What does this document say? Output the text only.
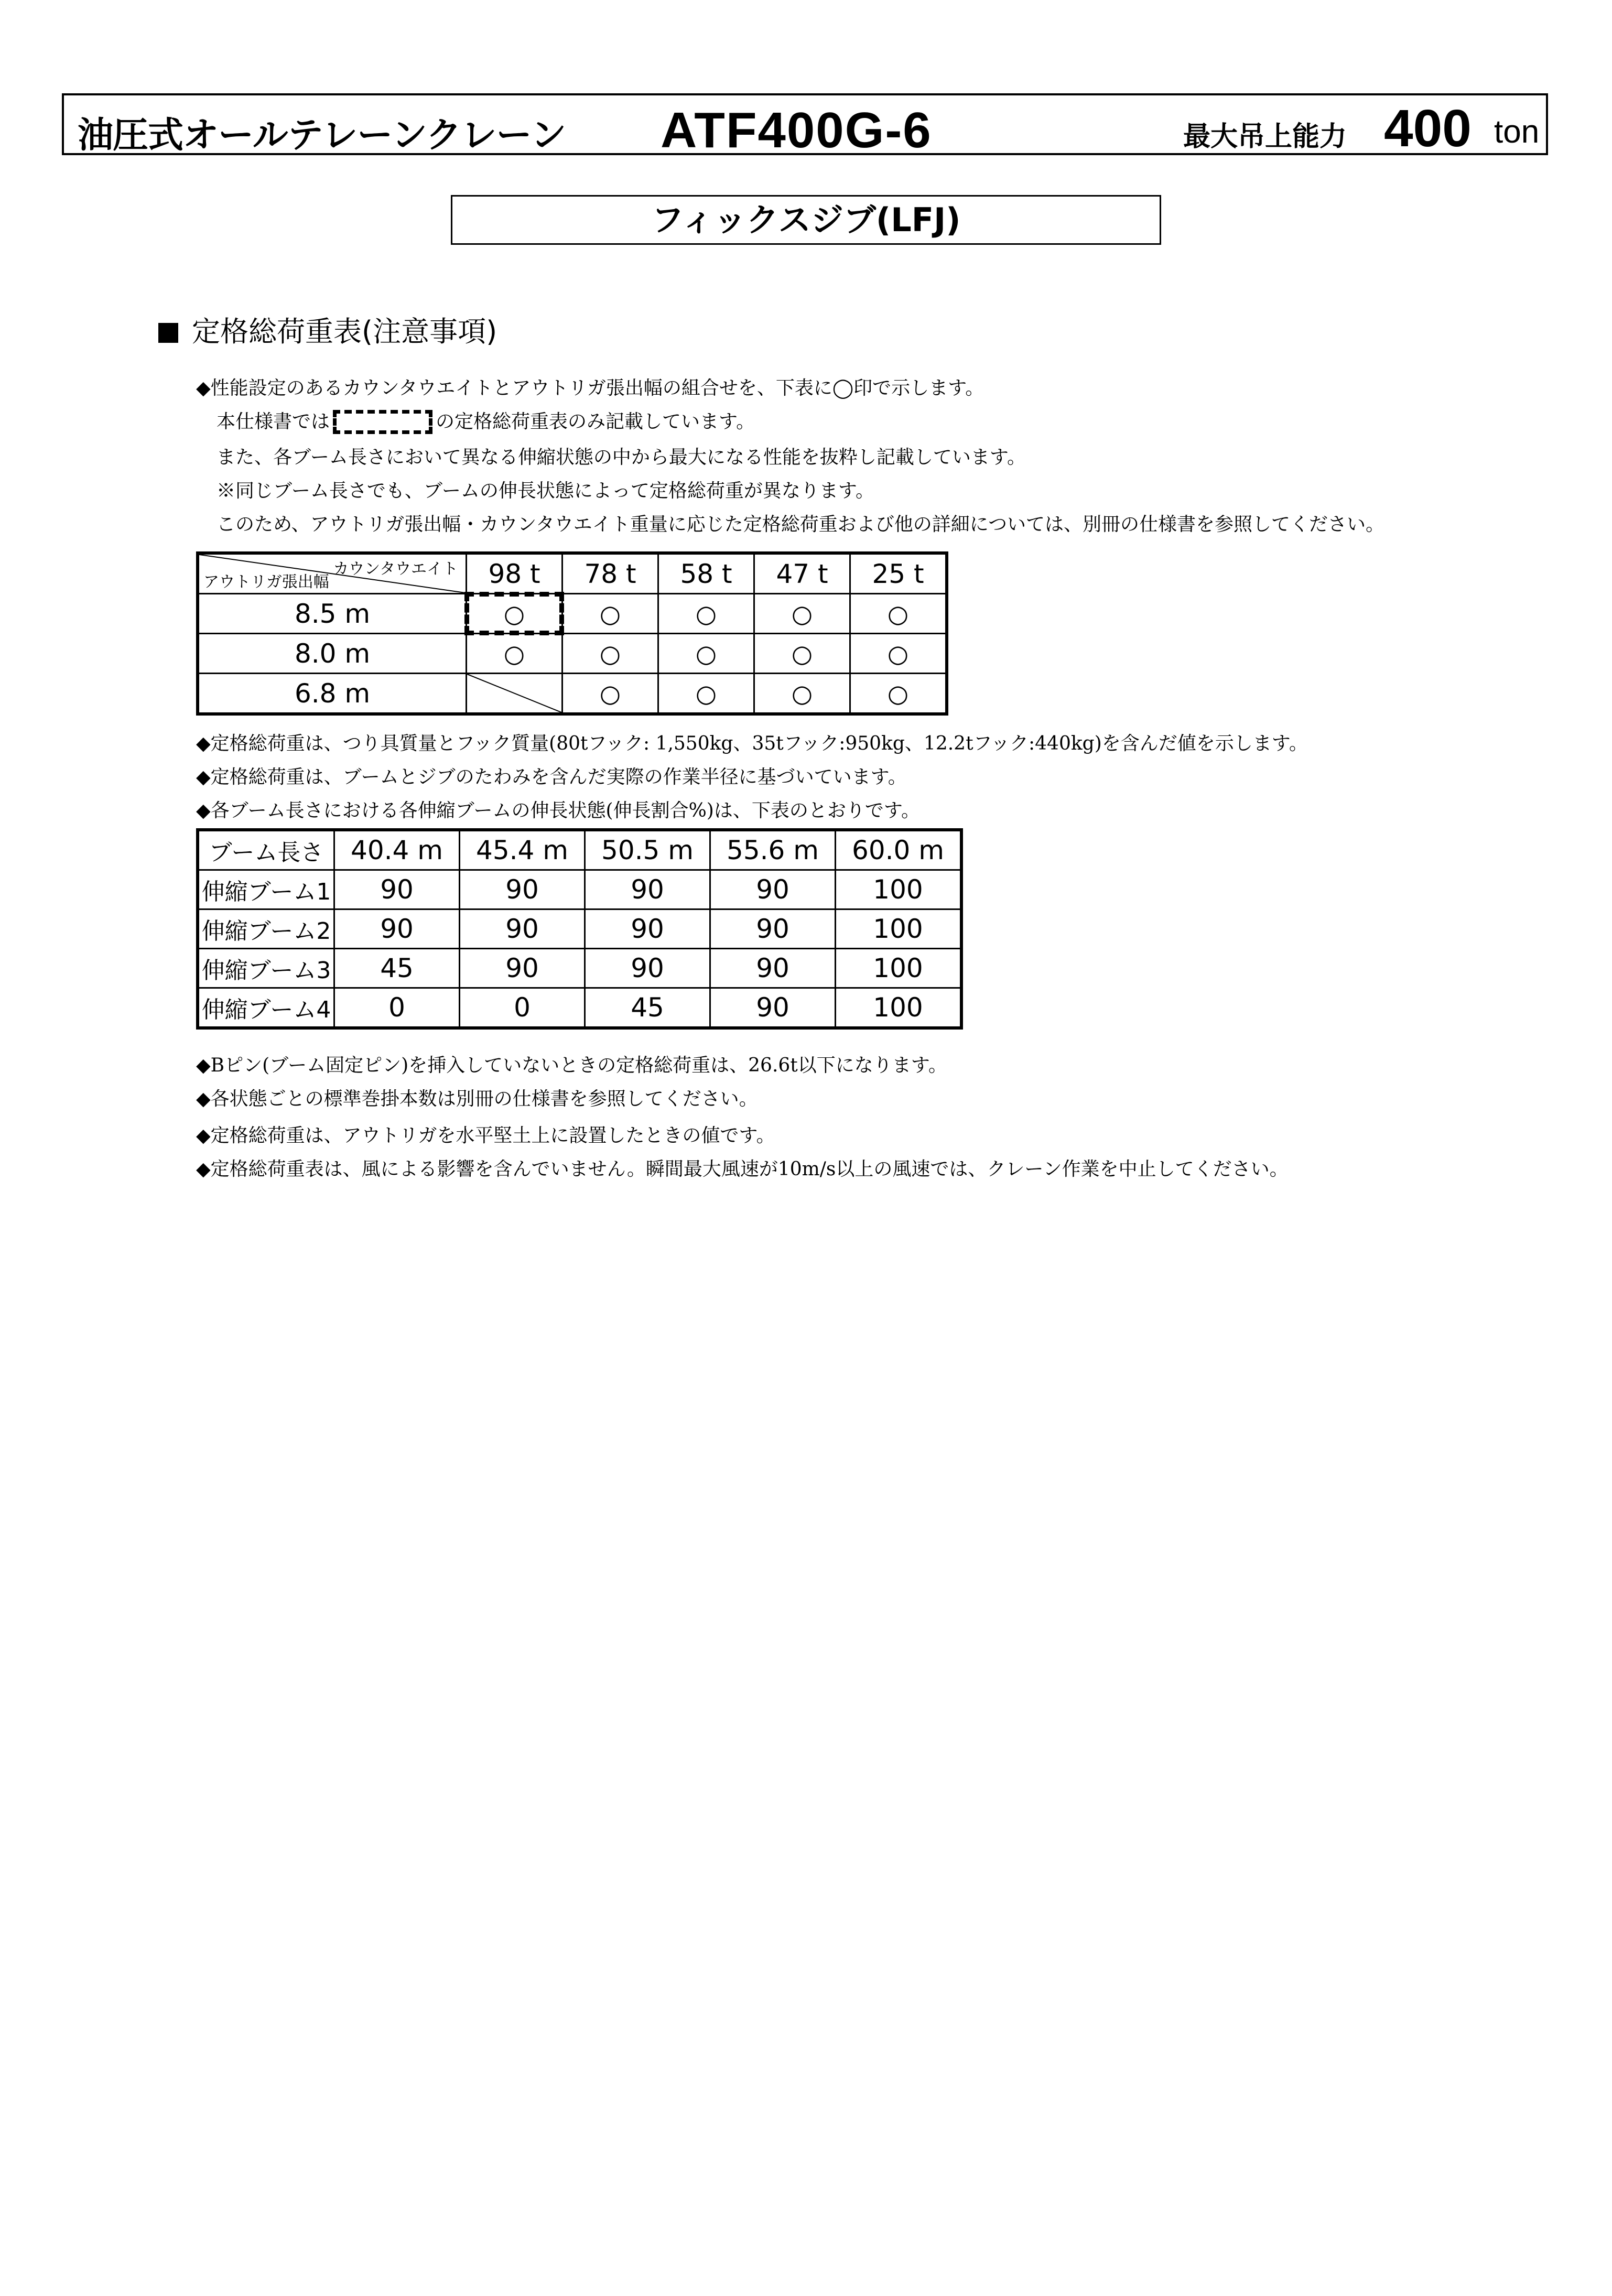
油圧式オールテレーンクレーン ATF400G-6	最大吊上能力 400 ton
フィックスジブ(LFJ)
定格総荷重表(注意事項)
◆性能設定のあるカウンタウエイトとアウトリガ張出幅の組合せを、下表に◯印で示します。
本仕様書では	の定格総荷重表のみ記載しています。
また、各ブーム長さにおいて異なる伸縮状態の中から最大になる性能を抜粋し記載しています。
※同じブーム長さでも、ブームの伸長状態によって定格総荷重が異なります。
このため、アウトリガ張出幅・カウンタウエイト重量に応じた定格総荷重および他の詳細については、別冊の仕様書を参照してください。
カウンタウエイト
アウトリガ張出幅	98 t	78 t	58 t	47 t	25 t
8.5 m	○	○	○	○	○
8.0 m	○	○	○	○	○
6.8 m		○	○	○	○
◆定格総荷重は、つり具質量とフック質量(80tフック: 1,550kg、35tフック:950kg、12.2tフック:440kg)を含んだ値を示します。
◆定格総荷重は、ブームとジブのたわみを含んだ実際の作業半径に基づいています。
◆各ブーム長さにおける各伸縮ブームの伸長状態(伸長割合%)は、下表のとおりです。
ブーム長さ	40.4 m	45.4 m	50.5 m	55.6 m	60.0 m
伸縮ブーム1	90	90	90	90	100
伸縮ブーム2	90	90	90	90	100
伸縮ブーム3	45	90	90	90	100
伸縮ブーム4	0	0	45	90	100
◆Bピン(ブーム固定ピン)を挿入していないときの定格総荷重は、26.6t以下になります。
◆各状態ごとの標準巻掛本数は別冊の仕様書を参照してください。
◆定格総荷重は、アウトリガを水平堅土上に設置したときの値です。
◆定格総荷重表は、風による影響を含んでいません。瞬間最大風速が10m/s以上の風速では、クレーン作業を中止してください。
